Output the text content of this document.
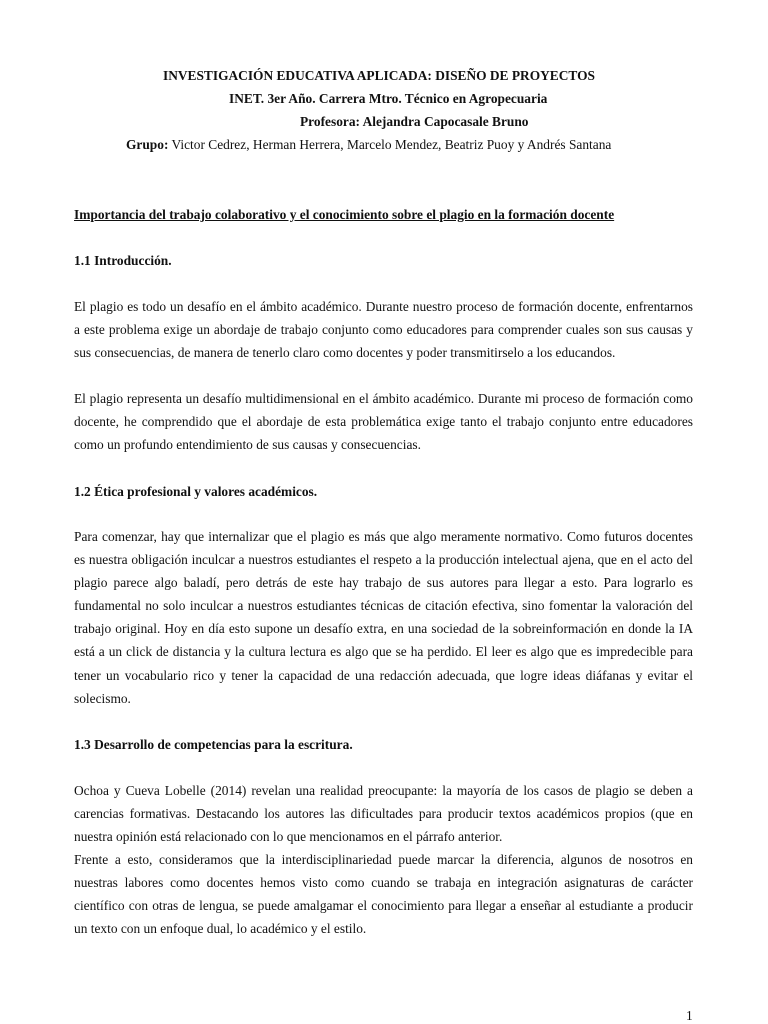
INVESTIGACIÓN EDUCATIVA APLICADA: DISEÑO DE PROYECTOS
INET. 3er Año. Carrera Mtro. Técnico en Agropecuaria
Profesora: Alejandra Capocasale Bruno
Grupo: Victor Cedrez, Herman Herrera, Marcelo Mendez, Beatriz Puoy y Andrés Santana
Importancia del trabajo colaborativo y el conocimiento sobre el plagio en la formación docente
1.1 Introducción.

El plagio es todo un desafío en el ámbito académico. Durante nuestro proceso de formación docente, enfrentarnos a este problema exige un abordaje de trabajo conjunto como educadores para comprender cuales son sus causas y sus consecuencias, de manera de tenerlo claro como docentes y poder transmitirselo a los educandos.

El plagio representa un desafío multidimensional en el ámbito académico. Durante mi proceso de formación como docente, he comprendido que el abordaje de esta problemática exige tanto el trabajo conjunto entre educadores como un profundo entendimiento de sus causas y consecuencias.

1.2 Ética profesional y valores académicos.

Para comenzar, hay que internalizar que el plagio es más que algo meramente normativo. Como futuros docentes es nuestra obligación inculcar a nuestros estudiantes el respeto a la producción intelectual ajena, que en el acto del plagio parece algo baladí, pero detrás de este hay trabajo de sus autores para llegar a esto. Para lograrlo es fundamental no solo inculcar a nuestros estudiantes técnicas de citación efectiva, sino fomentar la valoración del trabajo original. Hoy en día esto supone un desafío extra, en una sociedad de la sobreinformación en donde la IA está a un click de distancia y la cultura lectura es algo que se ha perdido. El leer es algo que es impredecible para tener un vocabulario rico y tener la capacidad de una redacción adecuada, que logre ideas diáfanas y evitar el solecismo.

1.3 Desarrollo de competencias para la escritura.

Ochoa y Cueva Lobelle (2014) revelan una realidad preocupante: la mayoría de los casos de plagio se deben a carencias formativas. Destacando los autores las dificultades para producir textos académicos propios (que en nuestra opinión está relacionado con lo que mencionamos en el párrafo anterior.

Frente a esto, consideramos que la interdisciplinariedad puede marcar la diferencia, algunos de nosotros en nuestras labores como docentes hemos visto como cuando se trabaja en integración asignaturas de carácter científico con otras de lengua, se puede amalgamar el conocimiento para llegar a enseñar al estudiante a producir un texto con un enfoque dual, lo académico y el estilo.

1
